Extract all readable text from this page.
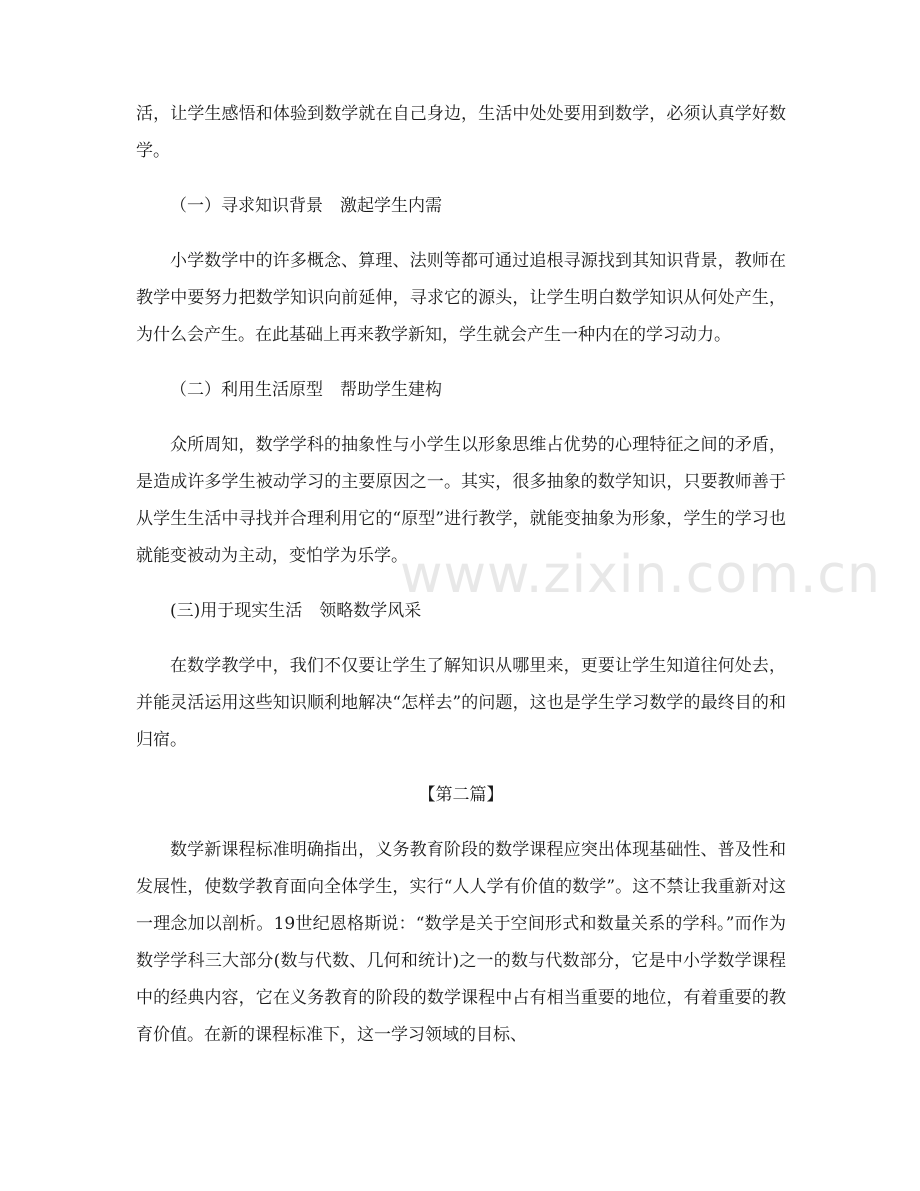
www.zixin.com.cn

活，让学生感悟和体验到数学就在自己身边，生活中处处要用到数学，必须认真学好数学。

（一）寻求知识背景　激起学生内需

小学数学中的许多概念、算理、法则等都可通过追根寻源找到其知识背景，教师在教学中要努力把数学知识向前延伸，寻求它的源头，让学生明白数学知识从何处产生，为什么会产生。在此基础上再来教学新知，学生就会产生一种内在的学习动力。

（二）利用生活原型　帮助学生建构

众所周知，数学学科的抽象性与小学生以形象思维占优势的心理特征之间的矛盾，是造成许多学生被动学习的主要原因之一。其实，很多抽象的数学知识，只要教师善于从学生生活中寻找并合理利用它的“原型”进行教学，就能变抽象为形象，学生的学习也就能变被动为主动，变怕学为乐学。

(三)用于现实生活　领略数学风采

在数学教学中，我们不仅要让学生了解知识从哪里来，更要让学生知道往何处去，并能灵活运用这些知识顺利地解决“怎样去”的问题，这也是学生学习数学的最终目的和归宿。

【第二篇】

数学新课程标准明确指出，义务教育阶段的数学课程应突出体现基础性、普及性和发展性，使数学教育面向全体学生，实行“人人学有价值的数学”。这不禁让我重新对这一理念加以剖析。19世纪恩格斯说：“数学是关于空间形式和数量关系的学科。”而作为数学学科三大部分(数与代数、几何和统计)之一的数与代数部分，它是中小学数学课程中的经典内容，它在义务教育的阶段的数学课程中占有相当重要的地位，有着重要的教育价值。在新的课程标准下，这一学习领域的目标、
